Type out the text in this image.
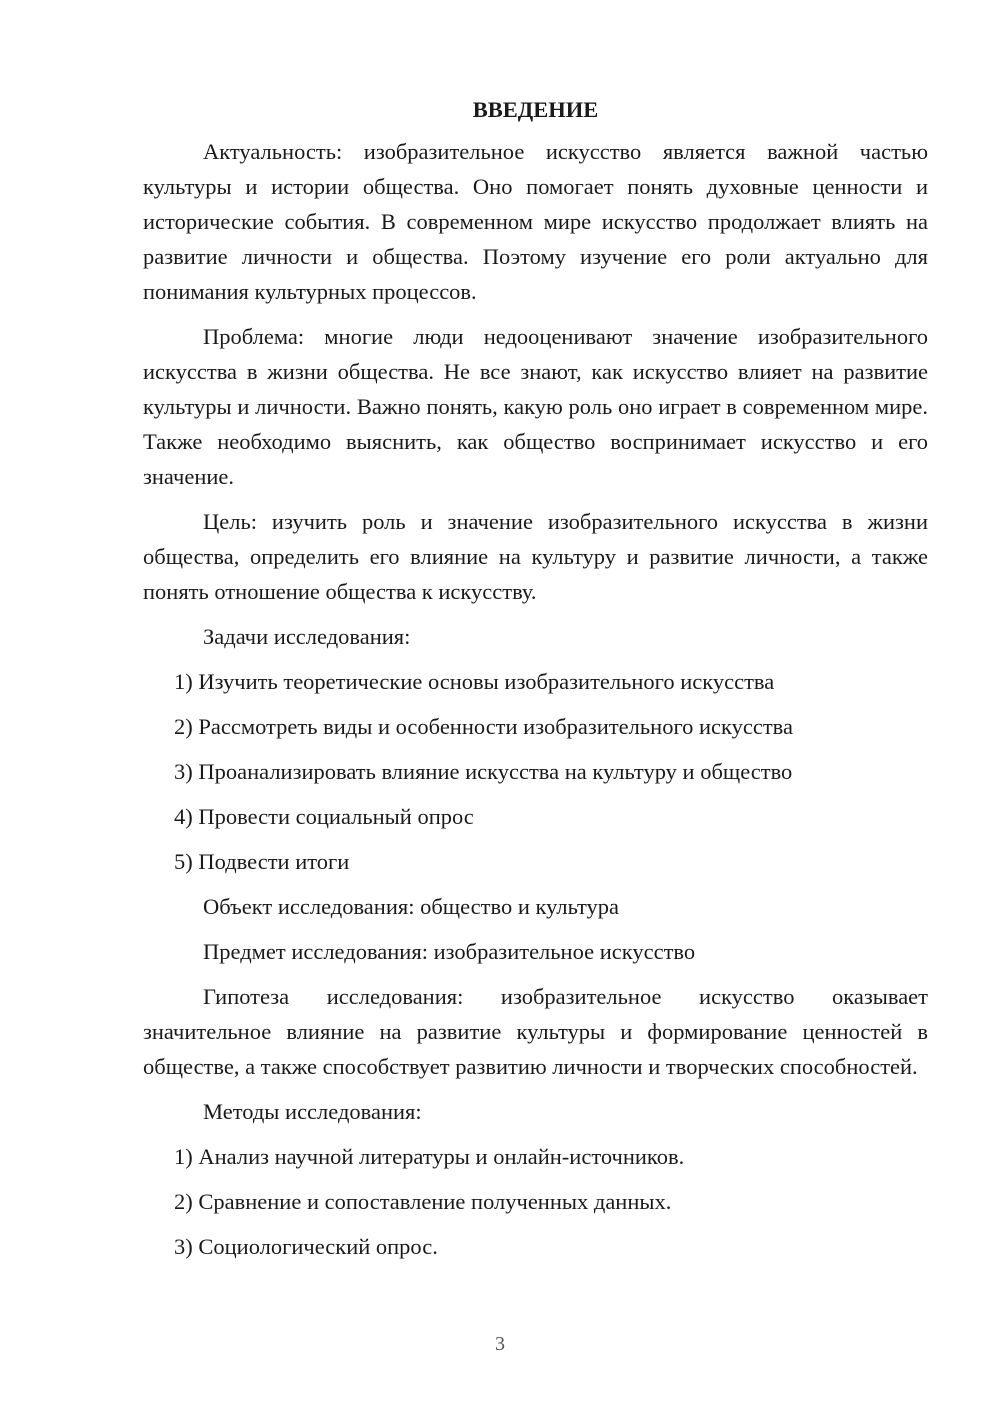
ВВЕДЕНИЕ
Актуальность: изобразительное искусство является важной частью культуры и истории общества. Оно помогает понять духовные ценности и исторические события. В современном мире искусство продолжает влиять на развитие личности и общества. Поэтому изучение его роли актуально для понимания культурных процессов.
Проблема: многие люди недооценивают значение изобразительного искусства в жизни общества. Не все знают, как искусство влияет на развитие культуры и личности. Важно понять, какую роль оно играет в современном мире. Также необходимо выяснить, как общество воспринимает искусство и его значение.
Цель: изучить роль и значение изобразительного искусства в жизни общества, определить его влияние на культуру и развитие личности, а также понять отношение общества к искусству.
Задачи исследования:
1) Изучить теоретические основы изобразительного искусства
2) Рассмотреть виды и особенности изобразительного искусства
3) Проанализировать влияние искусства на культуру и общество
4) Провести социальный опрос
5) Подвести итоги
Объект исследования: общество и культура
Предмет исследования: изобразительное искусство
Гипотеза исследования: изобразительное искусство оказывает значительное влияние на развитие культуры и формирование ценностей в обществе, а также способствует развитию личности и творческих способностей.
Методы исследования:
1) Анализ научной литературы и онлайн-источников.
2) Сравнение и сопоставление полученных данных.
3) Социологический опрос.
3
